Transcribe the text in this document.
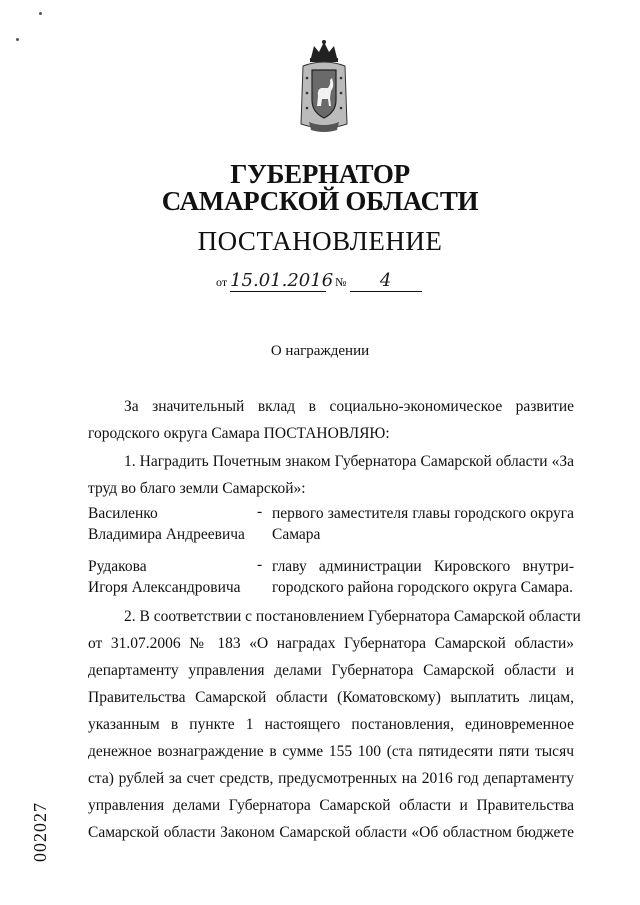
ГУБЕРНАТОР
САМАРСКОЙ ОБЛАСТИ
ПОСТАНОВЛЕНИЕ
от 15.01.2016 № 4
О награждении
За значительный вклад в социально-экономическое развитие
городского округа Самара ПОСТАНОВЛЯЮ:
1. Наградить Почетным знаком Губернатора Самарской области «За
труд во благо земли Самарской»:
Василенко
Владимира Андреевича
- первого заместителя главы городского округа
Самара
Рудакова
Игоря Александровича
- главу администрации Кировского внутри-
городского района городского округа Самара.
2. В соответствии с постановлением Губернатора Самарской области
от 31.07.2006 № 183 «О наградах Губернатора Самарской области»
департаменту управления делами Губернатора Самарской области и
Правительства Самарской области (Коматовскому) выплатить лицам,
указанным в пункте 1 настоящего постановления, единовременное
денежное вознаграждение в сумме 155 100 (ста пятидесяти пяти тысяч
ста) рублей за счет средств, предусмотренных на 2016 год департаменту
управления делами Губернатора Самарской области и Правительства
Самарской области Законом Самарской области «Об областном бюджете
002027
